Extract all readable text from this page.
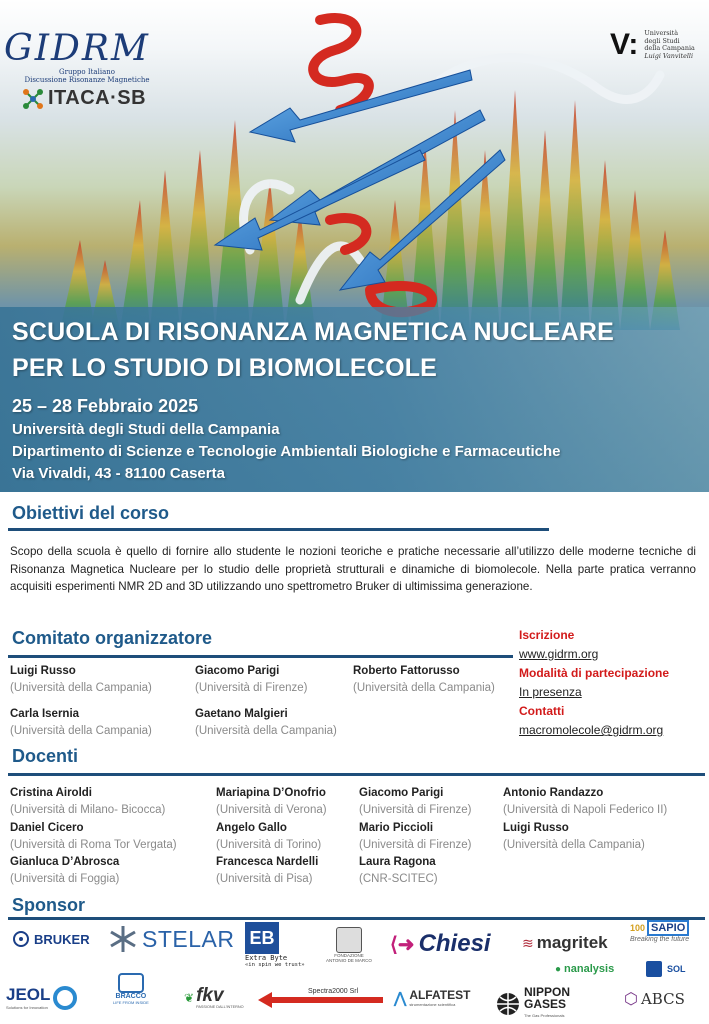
GIDRM
Gruppo Italiano
Discussione Risonanze Magnetiche
ITACA·SB
V: Università
degli Studi
della Campania
Luigi Vanvitelli
SCUOLA DI RISONANZA MAGNETICA NUCLEARE
PER LO STUDIO DI BIOMOLECOLE
25 – 28 Febbraio 2025
Università degli Studi della Campania
Dipartimento di Scienze e Tecnologie Ambientali Biologiche e Farmaceutiche
Via Vivaldi, 43 - 81100 Caserta
Obiettivi del corso
Scopo della scuola è quello di fornire allo studente le nozioni teoriche e pratiche necessarie all’utilizzo delle moderne tecniche di Risonanza Magnetica Nucleare per lo studio delle proprietà strutturali e dinamiche di biomolecole. Nella parte pratica verranno acquisiti esperimenti NMR 2D and 3D utilizzando uno spettrometro Bruker di ultimissima generazione.
Comitato organizzatore
Luigi Russo
(Università della Campania)
Giacomo Parigi
(Università di Firenze)
Roberto Fattorusso
(Università della Campania)
Carla Isernia
(Università della Campania)
Gaetano Malgieri
(Università della Campania)
Iscrizione
www.gidrm.org
Modalità di partecipazione
In presenza
Contatti
macromolecole@gidrm.org
Docenti
Cristina Airoldi
(Università di Milano- Bicocca)
Daniel Cicero
(Università di Roma Tor Vergata)
Gianluca D’Abrosca
(Università di Foggia)
Mariapina D’Onofrio
(Università di Verona)
Angelo Gallo
(Università di Torino)
Francesca Nardelli
(Università di Pisa)
Giacomo Parigi
(Università di Firenze)
Mario Piccioli
(Università di Firenze)
Laura Ragona
(CNR-SCITEC)
Antonio Randazzo
(Università di Napoli Federico II)
Luigi Russo
(Università della Campania)
Sponsor
BRUKER STELAR EB
Extra Byte
«in spin we trust»
FONDAZIONE
ANTONIO DE MARCO
⟨➜ Chiesi ≋ magritek
100 SAPIO
Breaking the future
● nanalysis	SOL
JEOL
Solutions for Innovation
BRACCO
LIFE FROM INSIDE	❦ fkv
PASSIONE DALL'INTERNO
Spectra2000 Srl ⋀ ALFATEST
strumentazione scientifica
NIPPON
GASES
The Gas Professionals
⬡ ABCS
